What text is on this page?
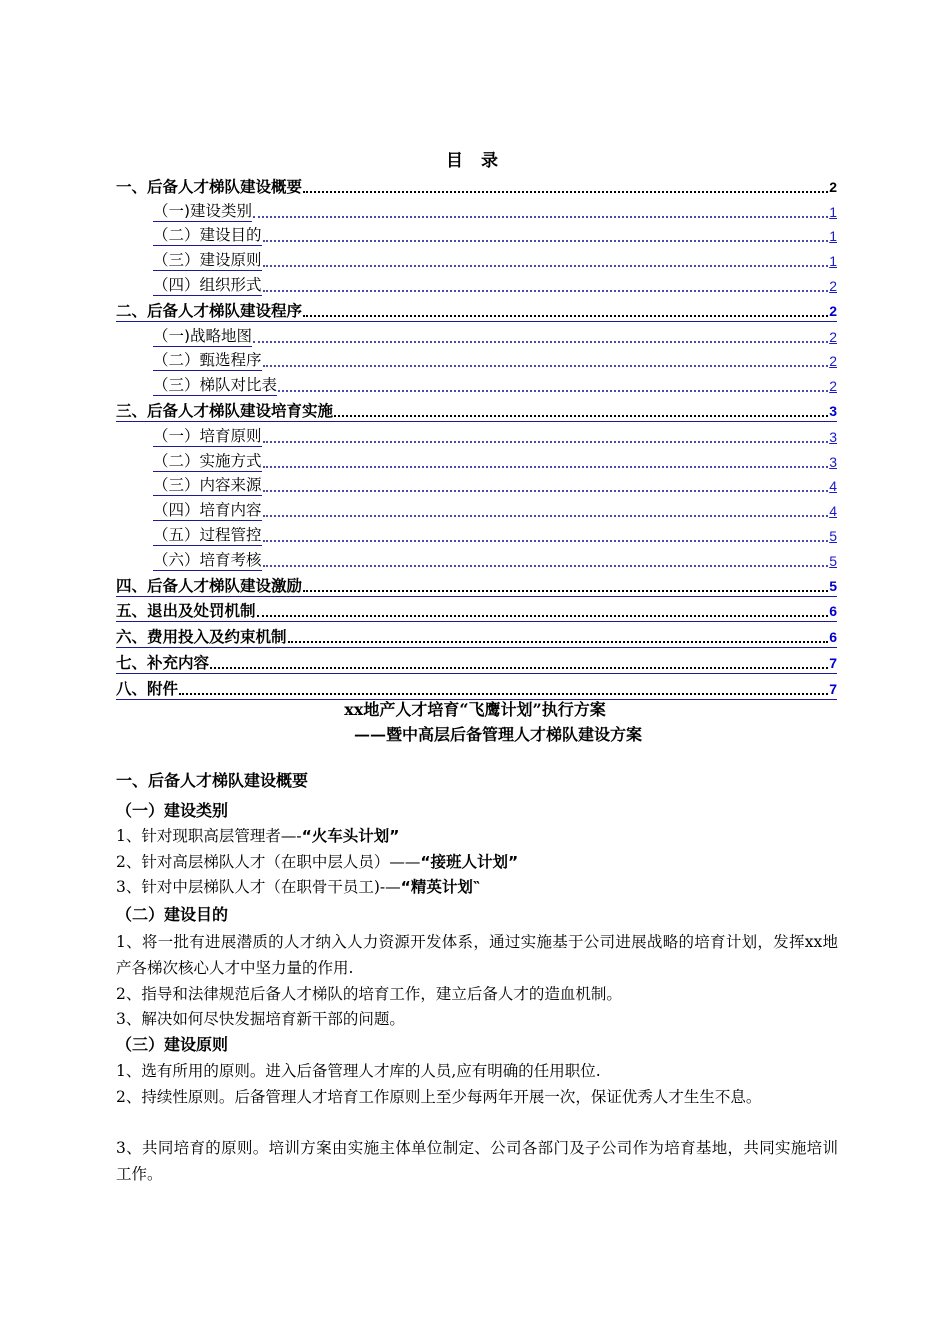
目 录
一、后备人才梯队建设概要	2
（一)建设类别	1
（二）建设目的	1
（三）建设原则	1
（四）组织形式	2
二、后备人才梯队建设程序	2
（一)战略地图	2
（二）甄选程序	2
（三）梯队对比表	2
三、后备人才梯队建设培育实施	3
（一）培育原则	3
（二）实施方式	3
（三）内容来源	4
（四）培育内容	4
（五）过程管控	5
（六）培育考核	5
四、后备人才梯队建设激励	5
五、退出及处罚机制	6
六、费用投入及约束机制	6
七、补充内容	7
八、附件	7
xx地产人才培育“飞鹰计划”执行方案
——暨中高层后备管理人才梯队建设方案
一、后备人才梯队建设概要
（一）建设类别
1、针对现职高层管理者—-“火车头计划”
2、针对高层梯队人才（在职中层人员）——“接班人计划”
3、针对中层梯队人才（在职骨干员工)-—“精英计划‶
（二）建设目的
1、将一批有进展潜质的人才纳入人力资源开发体系，通过实施基于公司进展战略的培育计划，发挥xx地产各梯次核心人才中坚力量的作用.
2、指导和法律规范后备人才梯队的培育工作，建立后备人才的造血机制。
3、解决如何尽快发掘培育新干部的问题。
（三）建设原则
1、选有所用的原则。进入后备管理人才库的人员,应有明确的任用职位.
2、持续性原则。后备管理人才培育工作原则上至少每两年开展一次，保证优秀人才生生不息。
3、共同培育的原则。培训方案由实施主体单位制定、公司各部门及子公司作为培育基地，共同实施培训工作。
